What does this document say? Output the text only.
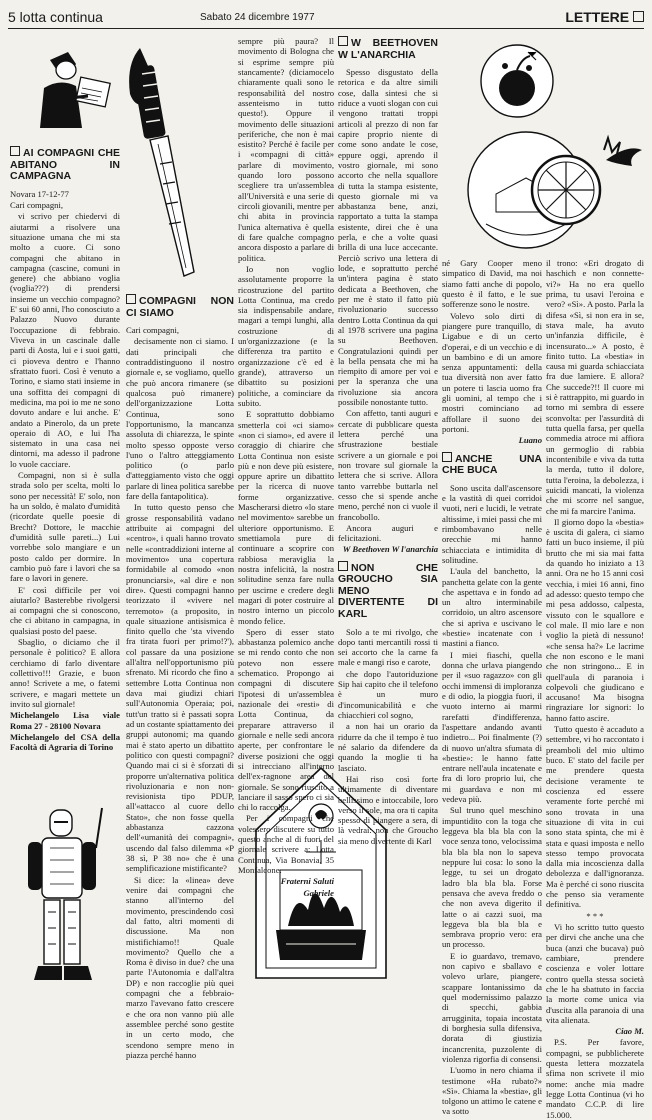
5 lotta continua	Sabato 24 dicembre 1977	LETTERE
AI COMPAGNI CHE ABITANO IN CAMPAGNA

Novara 17-12-77

Cari compagni,

vi scrivo per chiedervi di aiutarmi a risolvere una situazione umana che mi sta molto a cuore. Ci sono compagni che abitano in campagna (cascine, comuni in genere) che abbiano voglia (voglia???) di prendersi insieme un vecchio compagno? E' sui 60 anni, l'ho conosciuto a Palazzo Nuovo durante l'occupazione di febbraio. Viveva in un cascinale dalle parti di Aosta, lui e i suoi gatti, ci pioveva dentro e l'hanno sfrattato fuori. Così è venuto a Torino, e siamo stati insieme in una soffitta dei compagni di medicina, ma poi io me ne sono dovuto andare e lui anche. E' andato a Pinerolo, da un prete operaio di AO, e lui l'ha sistemato in una casa nei dintorni, ma adesso il padrone lo vuole cacciare.

Compagni, non si è sulla strada solo per scelta, molti lo sono per necessità! E' solo, non ha un soldo, è malato d'umidità (ricordate quelle poesie di Brecht? Dottore, le macchie d'umidità sulle pareti...) Lui vorrebbe solo mangiare e un posto caldo per dormire. In cambio può fare i lavori che sa fare o lavori in genere.

E' così difficile per voi aiutarlo? Basterebbe rivolgersi ai compagni che si conoscono, che ci abitano in campagna, in qualsiasi posto del paese.

Sbaglio, o diciamo che il personale è politico? E allora cerchiamo di farlo diventare collettivo!!! Grazie, e buon anno! Scrivete a me, o fatemi scrivere, e magari mettete un invito sul giornale!

Michelangelo Lisa viale Roma 27 - 28100 Novara

Michelangelo del CSA della Facoltà di Agraria di Torino

COMPAGNI NON CI SIAMO

Cari compagni,

decisamente non ci siamo. I dati principali che contraddistinguono il nostro giornale e, se vogliamo, quello che può ancora rimanere (se qualcosa può rimanere) dell'organizzazione Lotta Continua, sono l'opportunismo, la mancanza assoluta di chiarezza, le spinte molto spesso opposte verso l'uno o l'altro atteggiamento politico (o parlo d'atteggiamento visto che oggi parlare di linea politica sarebbe fare della fantapolitica).

In tutto questo penso che grosse responsabilità vadano attribuite ai compagni del «centro», i quali hanno trovato nelle «contraddizioni interne al movimento» una copertura formidabile al comodo «non pronunciarsi», «al dire e non dire». Questi compagni hanno teorizzato il «vivere nel terremoto» (a proposito, in quale situazione antisismica è finito quello che 'sta vivendo fra tirata fuori per primo!?'), col passare da una posizione all'altra nell'opportunismo più sfrenato. Mi ricordo che fino a settembre Lotta Continua non dava mai giudizi chiari sull'Autonomia Operaia; poi, tutt'un tratto si è passati sopra ad un costante spiattamento dei gruppi autonomi; ma quando mai è stato aperto un dibattito politico con questi compagni? Quando mai ci si è sforzati di proporre un'alternativa politica rivoluzionaria e non non-revisionista tipo PDUP, all'«attacco al cuore dello Stato», che non fosse quella abbastanza cazzona dell'«umanità dei compagni», uscendo dal falso dilemma «P 38 sì, P 38 no» che è una semplificazione mistificante?

Si dice: la «linea» deve venire dai compagni che stanno all'interno del movimento, prescindendo così dal fatto, altri momenti di discussione. Ma non mistifichiamo!! Quale movimento? Quello che a Roma è diviso in due? che una parte l'Autonomia e dall'altra DP) e non raccoglie più quei compagni che a febbraio-marzo l'avevano fatto crescere e che ora non vanno più alle assemblee perché sono gestite in un certo modo, che scendono sempre meno in piazza perché hanno

sempre più paura? Il movimento di Bologna che si esprime sempre più stancamente? (diciamocelo chiaramente quali sono le responsabilità del nostro assenteismo in tutto questo!). Oppure il movimento delle situazioni periferiche, che non è mai esistito? Perché è facile per i «compagni di città» parlare di movimento, quando loro possono scegliere tra un'assemblea all'Università e una serie di circoli giovanili, mentre per chi abita in provincia l'unica alternativa è quella di fare qualche compagno ancora disposto a parlare di politica.

Io non voglio assolutamente proporre la ricostruzione del partito Lotta Continua, ma credo sia indispensabile andare, magari a tempi lunghi, alla costruzione di un'organizzazione (e la differenza tra partito e organizzazione c'è ed è grande), attraverso un dibattito su posizioni politiche, a cominciare da subito.

E soprattutto dobbiamo smetterla coi «ci siamo» «non ci siamo», ed avere il coraggio di chiarire che Lotta Continua non esiste più e non deve più esistere, oppure aprire un dibattito per la ricerca di nuove forme organizzative. Mascherarsi dietro «lo stare nel movimento» sarebbe un ulteriore opportunismo. E smettiamola pure di continuare a scoprire con rabbiosa meraviglia la nostra infelicità, la nostra solitudine senza fare nulla per uscirne e credere degli magari di poter costruire al nostro interno un piccolo mondo felice.

Spero di esser stato abbastanza polemico anche se mi rendo conto che non potevo non essere schematico. Propongo ai compagni di discutere l'ipotesi di un'assemblea nazionale dei «resti» di Lotta Continua, da preparare attraverso il giornale e nelle sedi ancora aperte, per confrontare le diverse posizioni che oggi si intrecciano all'interno dell'ex-ragnone area del giornale. Se sono riuscito a lanciare il sasso spero ci sia chi lo raccolga.

Per i compagni che volessero discutere su tutto questo anche al di fuori del giornale scrivere a: Lotta Continua, Via Bonavia, 35 Monfalcone.

Fraterni Saluti

Gabriele

W BEETHOVEN W L'ANARCHIA

Spesso disgustato della retorica e da altre simili cose, dalla sintesi che si riduce a vuoti slogan con cui vengono trattati troppi articoli al prezzo di non far capire proprio niente di come sono andate le cose, eppure oggi, aprendo il vostro giornale, mi sono accorto che nella squallore di tutta la stampa esistente, questo giornale mi va abbastanza bene, anzi, rapportato a tutta la stampa esistente, direi che è una perla, e che a volte quasi brilla di una luce accecante. Perciò scrivo una lettera di lode, e soprattutto perché un'intera pagina è stato dedicata a Beethoven, che per me è stato il fatto più rivoluzionario successo dentro Lotta Continua da qui al 1978 scrivere una pagina su Beethoven. Congratulazioni quindi per la bella pensata che mi ha riempito di amore per voi e per la speranza che una rivoluzione sia ancora possibile nonostante tutto.

Con affetto, tanti auguri e cercate di pubblicare questa lettera perché una sfrustrazione bestiale scrivere a un giornale e poi non trovare sul giornale la lettera che si scrive. Allora tanto varrebbe buttarla nel cesso che si spende anche meno, perché non ci vuole il francobollo.

Ancora auguri e felicitazioni.

W Beethoven W l'anarchia

NON CHE GROUCHO SIA MENO DIVERTENTE DI KARL

Solo a te mi rivolgo, che dopo tanti mercantili rossi ti sei accorto che la carne fa male e mangi riso e carote,

che dopo l'autoriduzione Sip hai capito che il telefono è un muro d'incomunicabilità e che chiacchieri col sogno,

a non hai un orario da ridurre da che il tempo è tuo né salario da difendere da quando la moglie ti ha lasciato.

Hai riso così forte ultimamente di diventare bellissimo e intoccabile, loro verso il sole, ma ora ti capita spesso di piangere a sera, di là vedrai: non che Groucho sia meno divertente di Karl

né Gary Cooper meno simpatico di David, ma noi siamo fatti anche di popolo, questo è il fatto, e le sue sofferenze sono le nostre.

Volevo solo dirti di piangere pure tranquillo, di Ligabue e di un certo d'operai, e di un vecchio e di un bambino e di un amore senza appuntamenti: della tua diversità non aver fatto un potere ti lascia uomo fra gli uomini, al tempo che i mostri cominciano ad affollare il suono dei portoni.

Luano

ANCHE UNA CHE BUCA

Sono uscita dall'ascensore e la vastità di quei corridoi vuoti, neri e lucidi, le vetrate altissime, i miei passi che mi rimbombavano nelle orecchie mi hanno schiacciata e intimidita di solitudine.

L'aula del banchetto, la panchetta gelate con la gente che aspettava e in fondo ad un altro interminabile corridoio, un altro ascensore che si apriva e uscivano le «bestie» incatenate con i mastini a fianco.

I miei fiaschi, quella donna che urlava piangendo per il «suo ragazzo» con gli occhi immensi di imploranza e di odio, la pioggia fuori, il vuoto interno ai marmi rarefatti d'indifferenza, l'aspettare andando avanti indietro... Poi finalmente (?) di nuovo un'altra sfumata di «bestie»: le hanno fatte entrare nell'aula incatenate e fra di loro proprio lui, che mi guardava e non mi vedeva più.

Sul truno quel meschino impuntidito con la toga che leggeva bla bla bla con la voce senza tono, velocissima bla bla bla non lo sapeva neppure lui cosa: lo sono la legge, tu sei un drogato ladro bla bla bla. Forse pensava che aveva freddo o che non aveva digerito il latte o ai cazzi suoi, ma leggeva bla bla bla e sembrava proprio vero: era un processo.

E io guardavo, tremavo, non capivo e sballavo e volevo urlare, piangere, scappare lontanissimo da quel modernissimo palazzo di specchi, gabbia arrugginita, topaia incostata di borghesia sulla difensiva, dorata di giustizia incancrenita, puzzolente di violenza rigorfia di consensi.

L'uomo in nero chiama il testimone «Ha rubato?» «Sì». Chiama la «bestia», gli tolgono un attimo le catene e va sotto

il trono: «Eri drogato di haschich e non connette-vi?» Ha no era quello prima, tu usavi l'eroina e vero? «Sì». A posto. Parla la difesa «Sì, si non era in se, stava male, ha avuto un'infanzia difficile, è incensurato...» A posto, è finito tutto. La «bestia» in causa mi guarda schiacciata fra due lamiere. E allora? Che succede?!! Il cuore mi si è rattrappito, mi guardo in torno mi sembra di essere sconvolta: per l'assurdità di tutta quella farsa, per quella commedia atroce mi affiora un germoglio di rabbia incontenibile e viva da tutta la merda, tutto il dolore, tutta l'eroina, la debolezza, i suicidi mancati, la violenza che mi scorre nel sangue, che mi fa marcire l'anima.

Il giorno dopo la «bestia» è uscita di galera, ci siamo fatti un buco insieme, il più brutto che mi sia mai fatta da quando ho iniziato a 13 anni. Ora ne ho 15 anni così vecchia, i miei 16 anni, fino ad adesso: questo tempo che mi pesa addosso, calpesta, vissuto con le squallore e col male. Il mio lare e non voglio la pietà di nessuno! «che sensa ha?» Le lacrime che non escono e le mani che non stringono... E in quell'aula di paranoia i colpevoli che giudicano e accusano! Ma bisogna ringraziare lor signori: lo hanno fatto ascire.

Tutto questo è accaduto a settembre, vi ho raccontato i preamboli del mio ultimo buco. E' stato del facile per me prendere questa decisione veramente te coscienza ed essere veramente forte perché mi sono trovata in una situazione di vita in cui sono stata spinta, che mi è stata e quasi imposta e nello stesso tempo provocata dalla mia incoscienza dalla debolezza e dall'ignoranza. Ma è perché ci sono riuscita che penso sia veramente definitiva.

* * *

Vi ho scritto tutto questo per dirvi che anche una che buca (anzi che bucava) può cambiare, prendere coscienza e voler lottare contro quella stessa società che le ha sbattuto in faccia la morte come unica via d'uscita alla paranoia di una vita alienata.

Ciao M.

P.S. Per favore, compagni, se pubblicherete questa lettera mozzatela sfima non scrivete il mio nome: anche mia madre legge Lotta Continua (vi ho mandato C.C.P. di lire 15.000.
